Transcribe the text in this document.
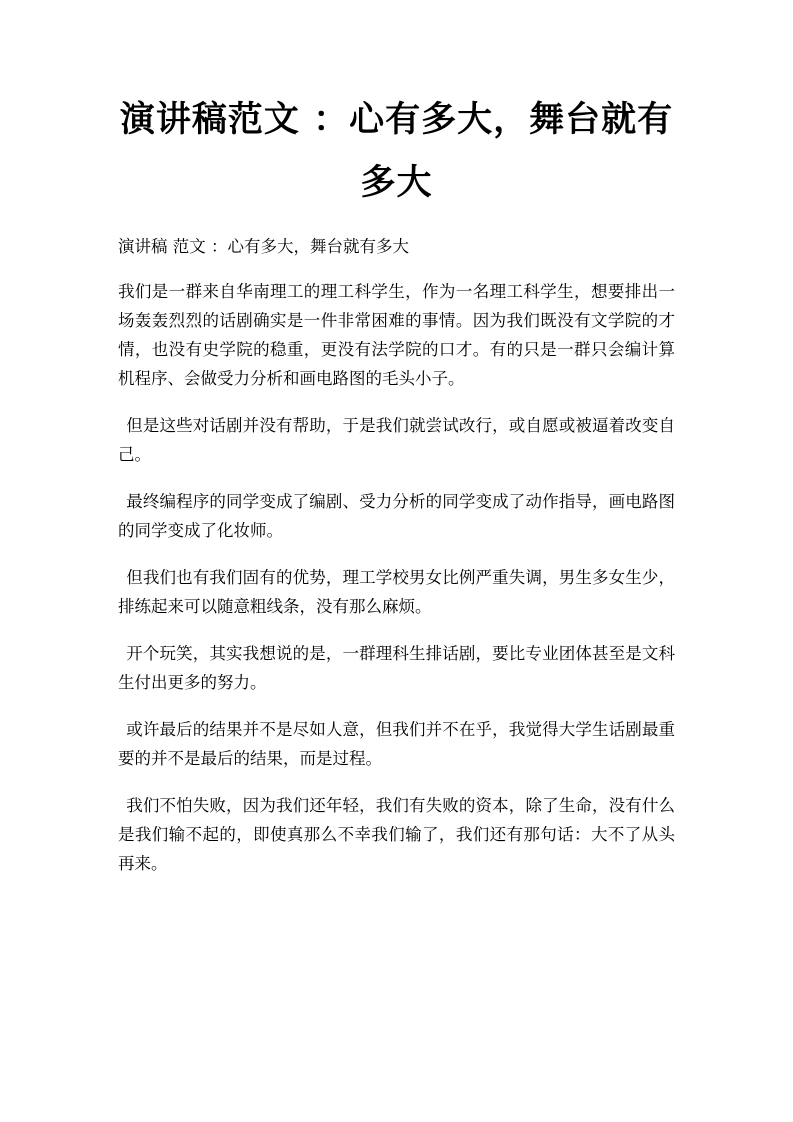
演讲稿范文 ：心有多大，舞台就有多大

演讲稿 范文 ：心有多大，舞台就有多大

我们是一群来自华南理工的理工科学生，作为一名理工科学生，想要排出一场轰轰烈烈的话剧确实是一件非常困难的事情。因为我们既没有文学院的才情，也没有史学院的稳重，更没有法学院的口才。有的只是一群只会编计算机程序、会做受力分析和画电路图的毛头小子。

但是这些对话剧并没有帮助，于是我们就尝试改行，或自愿或被逼着改变自己。

最终编程序的同学变成了编剧、受力分析的同学变成了动作指导，画电路图的同学变成了化妆师。

但我们也有我们固有的优势，理工学校男女比例严重失调，男生多女生少，排练起来可以随意粗线条，没有那么麻烦。

开个玩笑，其实我想说的是，一群理科生排话剧，要比专业团体甚至是文科生付出更多的努力。

或许最后的结果并不是尽如人意，但我们并不在乎，我觉得大学生话剧最重要的并不是最后的结果，而是过程。

我们不怕失败，因为我们还年轻，我们有失败的资本，除了生命，没有什么是我们输不起的，即使真那么不幸我们输了，我们还有那句话：大不了从头再来。
